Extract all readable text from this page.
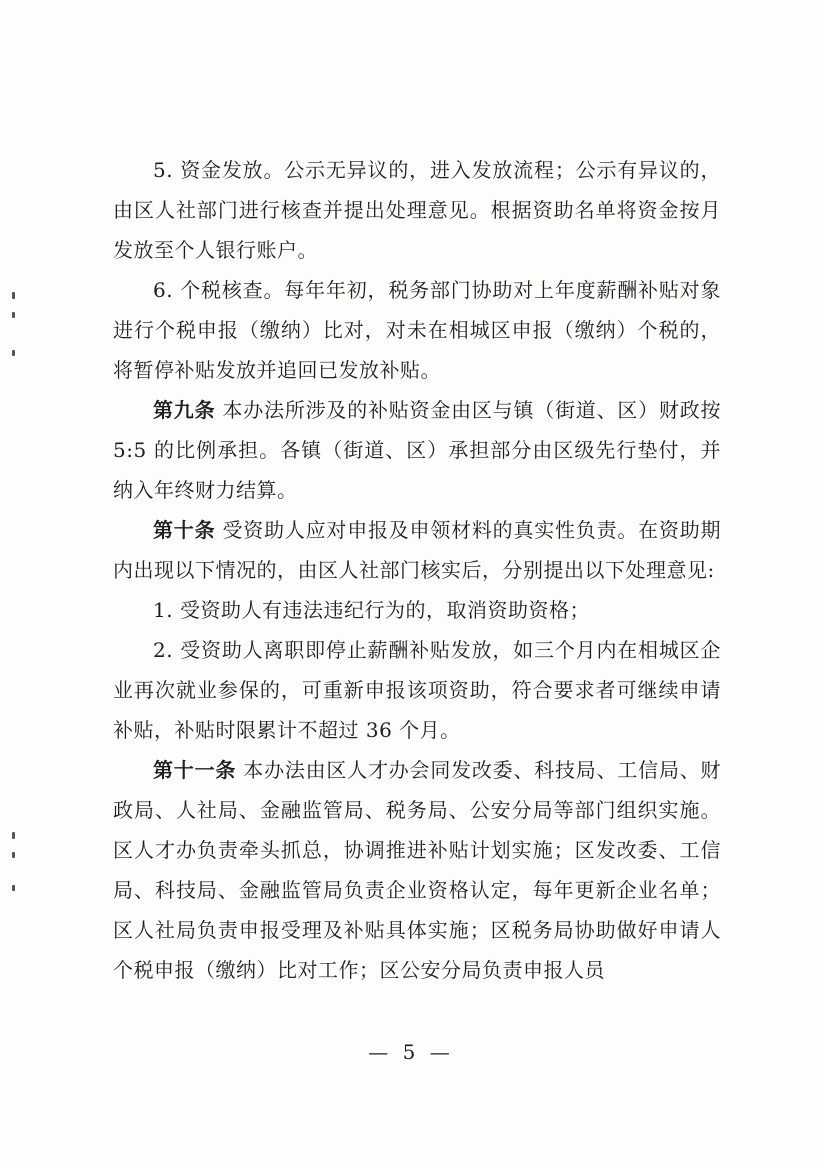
5. 资金发放。公示无异议的，进入发放流程；公示有异议的，由区人社部门进行核查并提出处理意见。根据资助名单将资金按月发放至个人银行账户。

6. 个税核查。每年年初，税务部门协助对上年度薪酬补贴对象进行个税申报（缴纳）比对，对未在相城区申报（缴纳）个税的，将暂停补贴发放并追回已发放补贴。

第九条 本办法所涉及的补贴资金由区与镇（街道、区）财政按 5:5 的比例承担。各镇（街道、区）承担部分由区级先行垫付，并纳入年终财力结算。

第十条 受资助人应对申报及申领材料的真实性负责。在资助期内出现以下情况的，由区人社部门核实后，分别提出以下处理意见:

1. 受资助人有违法违纪行为的，取消资助资格；

2. 受资助人离职即停止薪酬补贴发放，如三个月内在相城区企业再次就业参保的，可重新申报该项资助，符合要求者可继续申请补贴，补贴时限累计不超过 36 个月。

第十一条 本办法由区人才办会同发改委、科技局、工信局、财政局、人社局、金融监管局、税务局、公安分局等部门组织实施。区人才办负责牵头抓总，协调推进补贴计划实施；区发改委、工信局、科技局、金融监管局负责企业资格认定，每年更新企业名单；区人社局负责申报受理及补贴具体实施；区税务局协助做好申请人个税申报（缴纳）比对工作；区公安分局负责申报人员

— 5 —
